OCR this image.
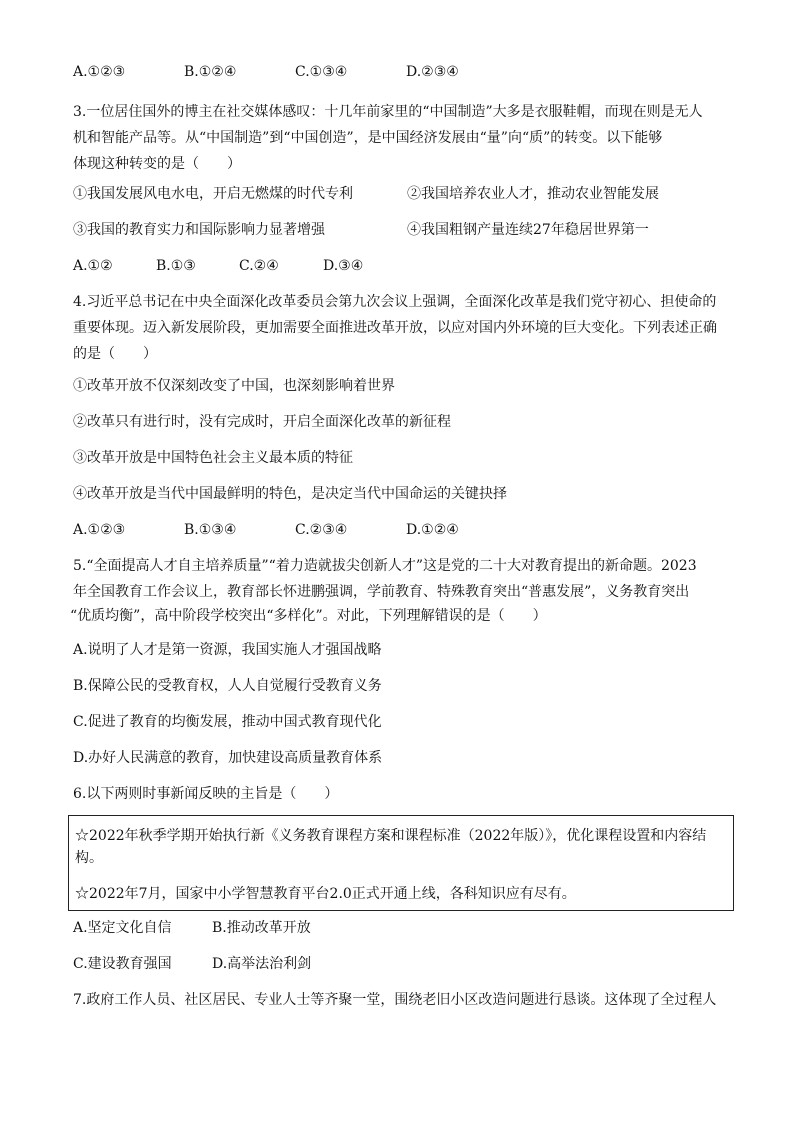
A.①②③	B.①②④	C.①③④	D.②③④
3.一位居住国外的博主在社交媒体感叹：十几年前家里的“中国制造”大多是衣服鞋帽，而现在则是无人
机和智能产品等。从“中国制造”到“中国创造”，是中国经济发展由“量”向“质”的转变。以下能够
体现这种转变的是（　　）
①我国发展风电水电，开启无燃煤的时代专利	②我国培养农业人才，推动农业智能发展
③我国的教育实力和国际影响力显著增强	④我国粗钢产量连续27年稳居世界第一
A.①②	B.①③	C.②④	D.③④
4.习近平总书记在中央全面深化改革委员会第九次会议上强调，全面深化改革是我们党守初心、担使命的
重要体现。迈入新发展阶段，更加需要全面推进改革开放，以应对国内外环境的巨大变化。下列表述正确
的是（　　）
①改革开放不仅深刻改变了中国，也深刻影响着世界
②改革只有进行时，没有完成时，开启全面深化改革的新征程
③改革开放是中国特色社会主义最本质的特征
④改革开放是当代中国最鲜明的特色，是决定当代中国命运的关键抉择
A.①②③	B.①③④	C.②③④	D.①②④
5.“全面提高人才自主培养质量”“着力造就拔尖创新人才”这是党的二十大对教育提出的新命题。2023
年全国教育工作会议上，教育部长怀进鹏强调，学前教育、特殊教育突出“普惠发展”，义务教育突出
“优质均衡”，高中阶段学校突出“多样化”。对此，下列理解错误的是（　　）
A.说明了人才是第一资源，我国实施人才强国战略
B.保障公民的受教育权，人人自觉履行受教育义务
C.促进了教育的均衡发展，推动中国式教育现代化
D.办好人民满意的教育，加快建设高质量教育体系
6.以下两则时事新闻反映的主旨是（　　）
☆2022年秋季学期开始执行新《义务教育课程方案和课程标准（2022年版）》，优化课程设置和内容结
构。
☆2022年7月，国家中小学智慧教育平台2.0正式开通上线，各科知识应有尽有。
A.坚定文化自信	B.推动改革开放
C.建设教育强国	D.高举法治利剑
7.政府工作人员、社区居民、专业人士等齐聚一堂，围绕老旧小区改造问题进行恳谈。这体现了全过程人
